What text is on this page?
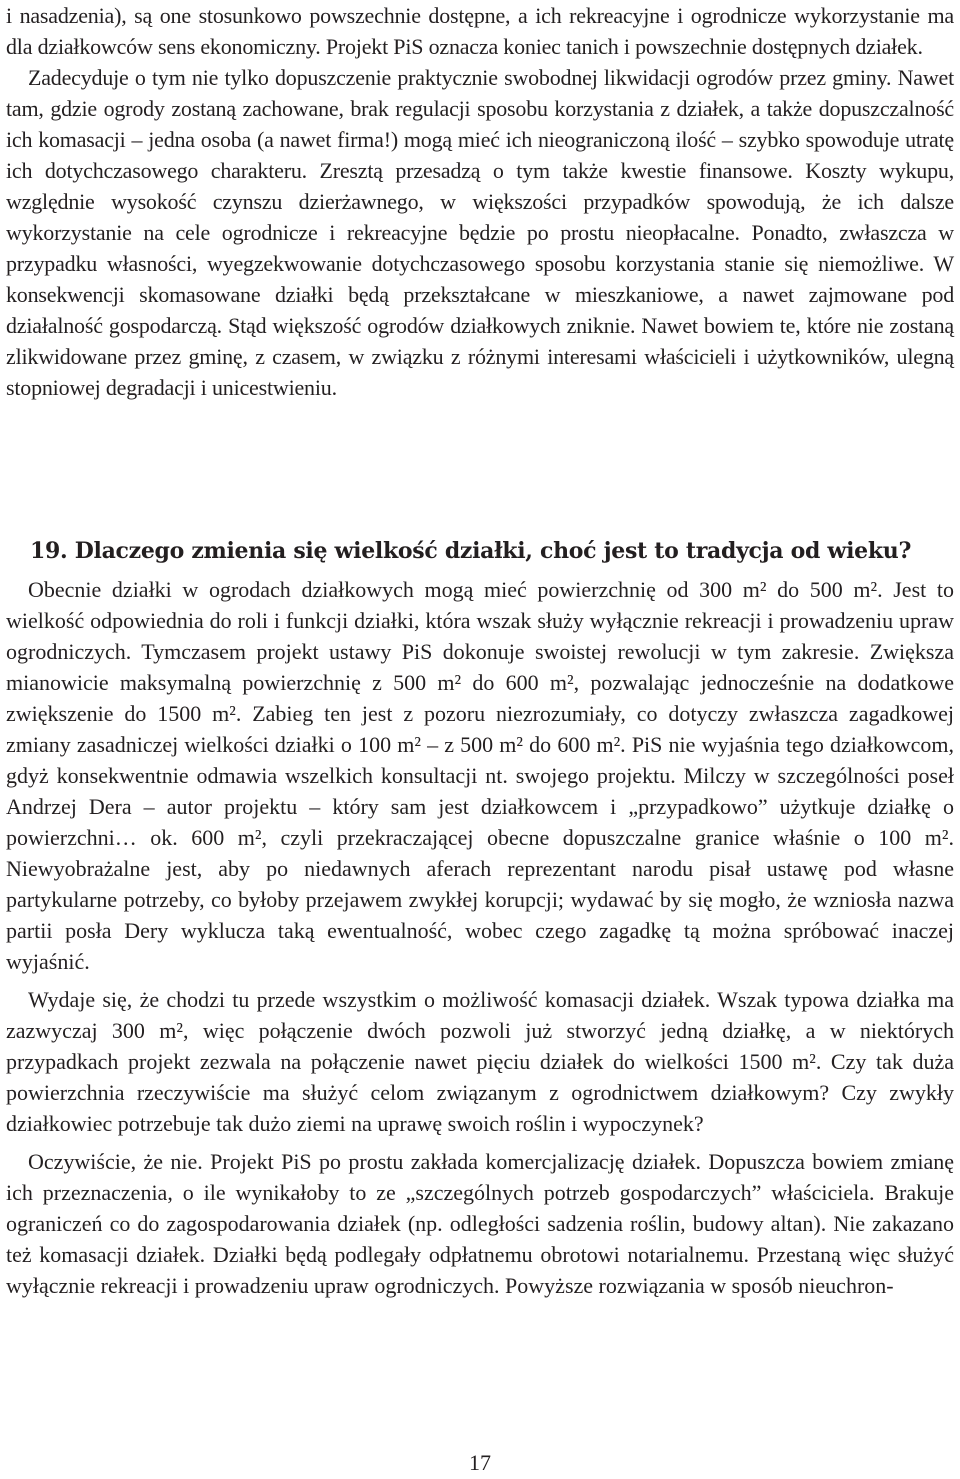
i nasadzenia), są one stosunkowo powszechnie dostępne, a ich rekreacyjne i ogrodnicze wykorzystanie ma dla działkowców sens ekonomiczny. Projekt PiS oznacza koniec tanich i powszechnie dostępnych działek.

Zadecyduje o tym nie tylko dopuszczenie praktycznie swobodnej likwidacji ogrodów przez gminy. Nawet tam, gdzie ogrody zostaną zachowane, brak regulacji sposobu korzystania z działek, a także dopuszczalność ich komasacji – jedna osoba (a nawet firma!) mogą mieć ich nieograniczoną ilość – szybko spowoduje utratę ich dotychczasowego charakteru. Zresztą przesadzą o tym także kwestie finansowe. Koszty wykupu, względnie wysokość czynszu dzierżawnego, w większości przypadków spowodują, że ich dalsze wykorzystanie na cele ogrodnicze i rekreacyjne będzie po prostu nieopłacalne. Ponadto, zwłaszcza w przypadku własności, wyegzekwowanie dotychczasowego sposobu korzystania stanie się niemożliwe. W konsekwencji skomasowane działki będą przekształcane w mieszkaniowe, a nawet zajmowane pod działalność gospodarczą. Stąd większość ogrodów działkowych zniknie. Nawet bowiem te, które nie zostaną zlikwidowane przez gminę, z czasem, w związku z różnymi interesami właścicieli i użytkowników, ulegną stopniowej degradacji i unicestwieniu.

19. Dlaczego zmienia się wielkość działki, choć jest to tradycja od wieku?

Obecnie działki w ogrodach działkowych mogą mieć powierzchnię od 300 m² do 500 m². Jest to wielkość odpowiednia do roli i funkcji działki, która wszak służy wyłącznie rekreacji i prowadzeniu upraw ogrodniczych. Tymczasem projekt ustawy PiS dokonuje swoistej rewolucji w tym zakresie. Zwiększa mianowicie maksymalną powierzchnię z 500 m² do 600 m², pozwalając jednocześnie na dodatkowe zwiększenie do 1500 m². Zabieg ten jest z pozoru niezrozumiały, co dotyczy zwłaszcza zagadkowej zmiany zasadniczej wielkości działki o 100 m² – z 500 m² do 600 m². PiS nie wyjaśnia tego działkowcom, gdyż konsekwentnie odmawia wszelkich konsultacji nt. swojego projektu. Milczy w szczególności poseł Andrzej Dera – autor projektu – który sam jest działkowcem i „przypadkowo” użytkuje działkę o powierzchni… ok. 600 m², czyli przekraczającej obecne dopuszczalne granice właśnie o 100 m². Niewyobrażalne jest, aby po niedawnych aferach reprezentant narodu pisał ustawę pod własne partykularne potrzeby, co byłoby przejawem zwykłej korupcji; wydawać by się mogło, że wzniosła nazwa partii posła Dery wyklucza taką ewentualność, wobec czego zagadkę tą można spróbować inaczej wyjaśnić.

Wydaje się, że chodzi tu przede wszystkim o możliwość komasacji działek. Wszak typowa działka ma zazwyczaj 300 m², więc połączenie dwóch pozwoli już stworzyć jedną działkę, a w niektórych przypadkach projekt zezwala na połączenie nawet pięciu działek do wielkości 1500 m². Czy tak duża powierzchnia rzeczywiście ma służyć celom związanym z ogrodnictwem działkowym? Czy zwykły działkowiec potrzebuje tak dużo ziemi na uprawę swoich roślin i wypoczynek?

Oczywiście, że nie. Projekt PiS po prostu zakłada komercjalizację działek. Dopuszcza bowiem zmianę ich przeznaczenia, o ile wynikałoby to ze „szczególnych potrzeb gospodarczych” właściciela. Brakuje ograniczeń co do zagospodarowania działek (np. odległości sadzenia roślin, budowy altan). Nie zakazano też komasacji działek. Działki będą podlegały odpłatnemu obrotowi notarialnemu. Przestaną więc służyć wyłącznie rekreacji i prowadzeniu upraw ogrodniczych. Powyższe rozwiązania w sposób nieuchron-

17
